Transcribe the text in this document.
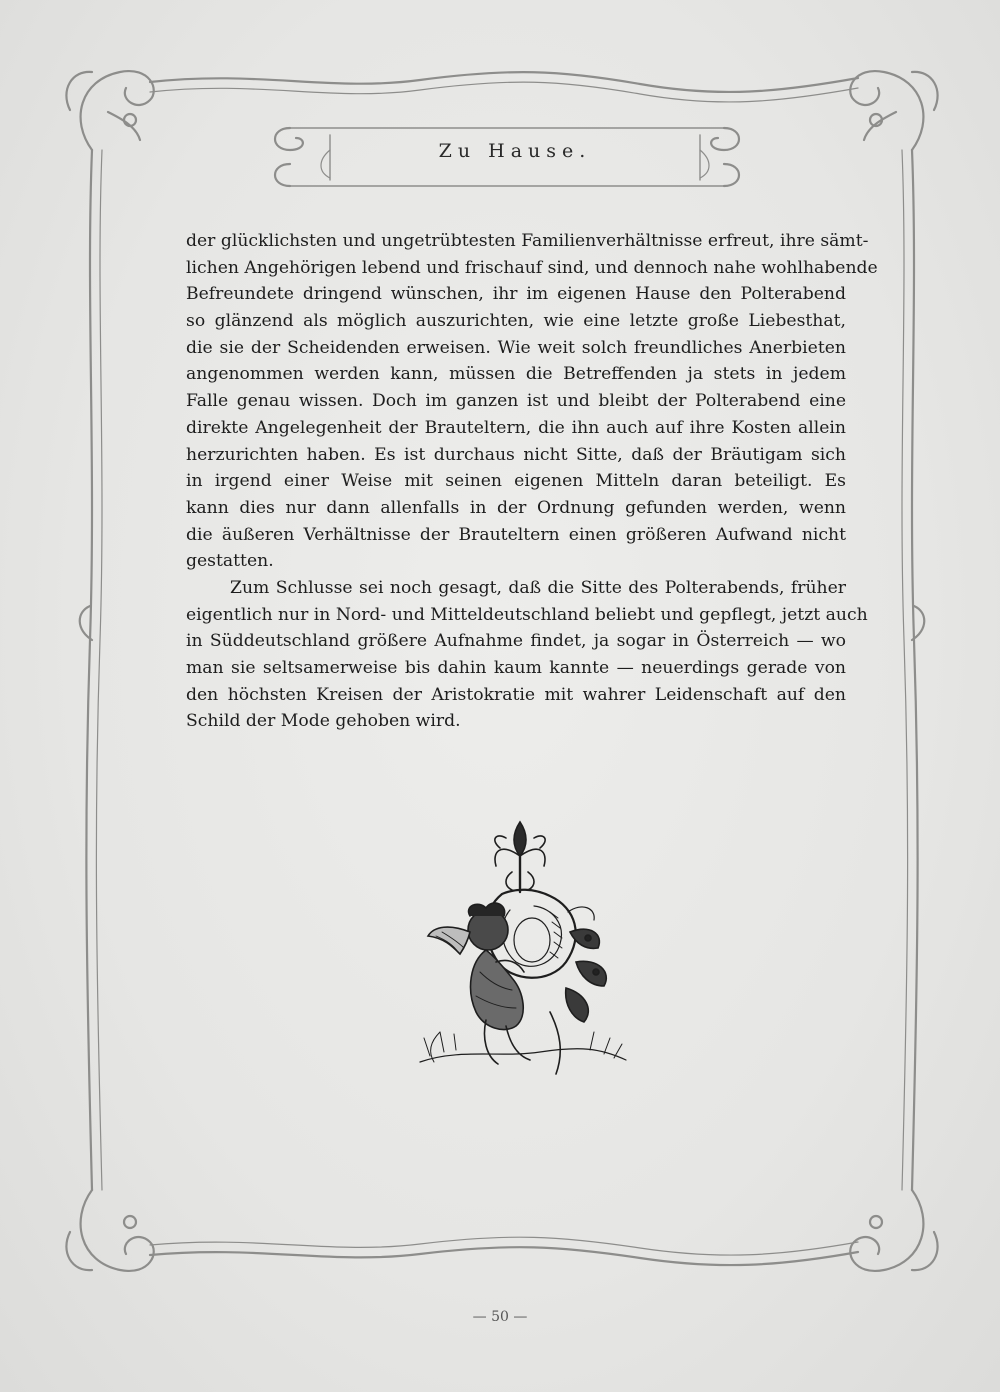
Zu Hause.
der glücklichsten und ungetrübtesten Familienverhältnisse erfreut, ihre sämt-
lichen Angehörigen lebend und frischauf sind, und dennoch nahe wohlhabende
Befreundete dringend wünschen, ihr im eigenen Hause den Polterabend
so glänzend als möglich auszurichten, wie eine letzte große Liebesthat,
die sie der Scheidenden erweisen. Wie weit solch freundliches Anerbieten
angenommen werden kann, müssen die Betreffenden ja stets in jedem
Falle genau wissen. Doch im ganzen ist und bleibt der Polterabend eine
direkte Angelegenheit der Brauteltern, die ihn auch auf ihre Kosten allein
herzurichten haben. Es ist durchaus nicht Sitte, daß der Bräutigam sich
in irgend einer Weise mit seinen eigenen Mitteln daran beteiligt. Es
kann dies nur dann allenfalls in der Ordnung gefunden werden, wenn
die äußeren Verhältnisse der Brauteltern einen größeren Aufwand nicht
gestatten.
Zum Schlusse sei noch gesagt, daß die Sitte des Polterabends, früher
eigentlich nur in Nord- und Mitteldeutschland beliebt und gepflegt, jetzt auch
in Süddeutschland größere Aufnahme findet, ja sogar in Österreich — wo
man sie seltsamerweise bis dahin kaum kannte — neuerdings gerade von
den höchsten Kreisen der Aristokratie mit wahrer Leidenschaft auf den
Schild der Mode gehoben wird.
— 50 —
